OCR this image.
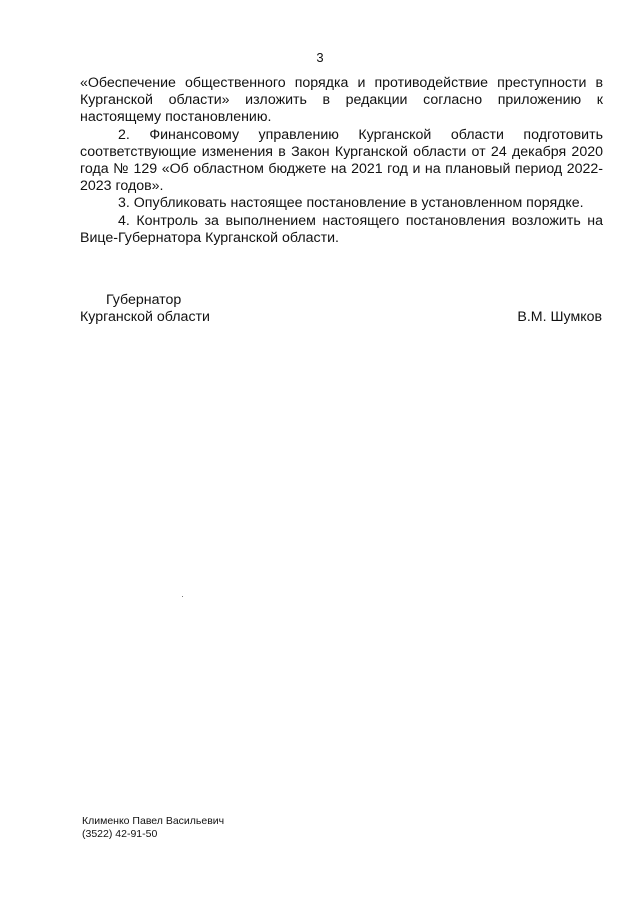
3

«Обеспечение общественного порядка и противодействие преступности в Курганской области» изложить в редакции согласно приложению к настоящему постановлению.

2. Финансовому управлению Курганской области подготовить соответствующие изменения в Закон Курганской области от 24 декабря 2020 года № 129 «Об областном бюджете на 2021 год и на плановый период 2022-2023 годов».

3. Опубликовать настоящее постановление в установленном порядке.

4. Контроль за выполнением настоящего постановления возложить на Вице-Губернатора Курганской области.

Губернатор
Курганской области	В.М. Шумков
Клименко Павел Васильевич
(3522) 42-91-50
